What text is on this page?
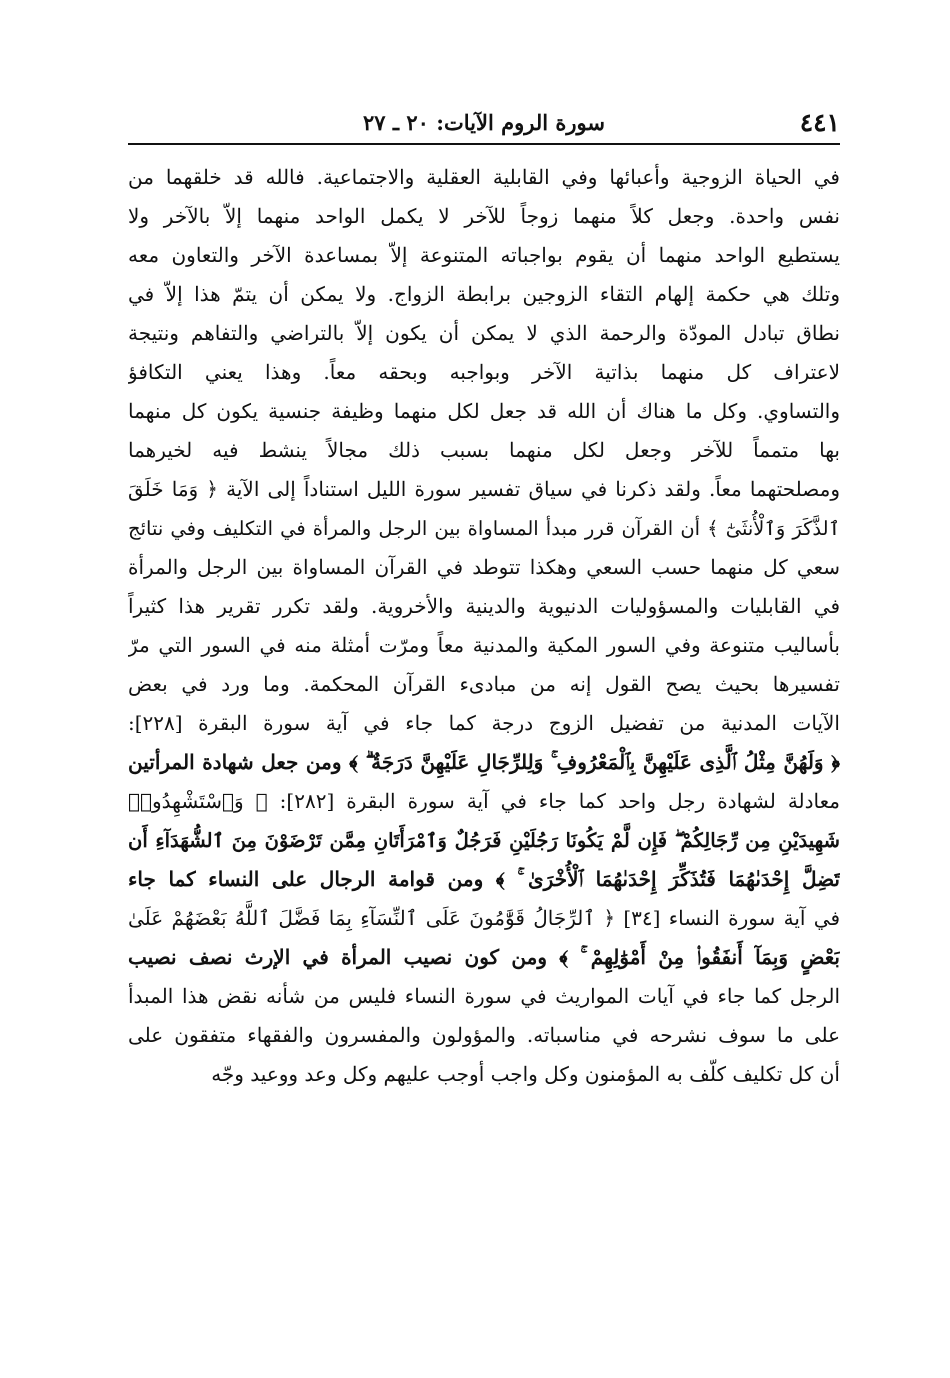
٤٤١
سورة الروم الآيات: ٢٠ ـ ٢٧
في الحياة الزوجية وأعبائها وفي القابلية العقلية والاجتماعية. فالله قد خلقهما من
نفس واحدة. وجعل كلاً منهما زوجاً للآخر لا يكمل الواحد منهما إلاّ بالآخر ولا
يستطيع الواحد منهما أن يقوم بواجباته المتنوعة إلاّ بمساعدة الآخر والتعاون معه
وتلك هي حكمة إلهام التقاء الزوجين برابطة الزواج. ولا يمكن أن يتمّ هذا إلاّ في
نطاق تبادل المودّة والرحمة الذي لا يمكن أن يكون إلاّ بالتراضي والتفاهم ونتيجة
لاعتراف كل منهما بذاتية الآخر وبواجبه وبحقه معاً. وهذا يعني التكافؤ
والتساوي. وكل ما هناك أن الله قد جعل لكل منهما وظيفة جنسية يكون كل منهما
بها متمماً للآخر وجعل لكل منهما بسبب ذلك مجالاً ينشط فيه لخيرهما
ومصلحتهما معاً. ولقد ذكرنا في سياق تفسير سورة الليل استناداً إلى الآية ﴿ وَمَا خَلَقَ
ٱلذَّكَرَ وَٱلْأُنثَىٰٓ ﴾ أن القرآن قرر مبدأ المساواة بين الرجل والمرأة في التكليف وفي نتائج
سعي كل منهما حسب السعي وهكذا تتوطد في القرآن المساواة بين الرجل والمرأة
في القابليات والمسؤوليات الدنيوية والدينية والأخروية. ولقد تكرر تقرير هذا كثيراً
بأساليب متنوعة وفي السور المكية والمدنية معاً ومرّت أمثلة منه في السور التي مرّ
تفسيرها بحيث يصح القول إنه من مبادىء القرآن المحكمة. وما ورد في بعض
الآيات المدنية من تفضيل الزوج درجة كما جاء في آية سورة البقرة [٢٢٨]:
﴿ وَلَهُنَّ مِثْلُ ٱلَّذِى عَلَيْهِنَّ بِٱلْمَعْرُوفِ ۚ وَلِلرِّجَالِ عَلَيْهِنَّ دَرَجَةٌ ۗ ﴾ ومن جعل شهادة المرأتين
معادلة لشهادة رجل واحد كما جاء في آية سورة البقرة [٢٨٢]: ﴿ وَٱسْتَشْهِدُوا۟
شَهِيدَيْنِ مِن رِّجَالِكُمْ ۖ فَإِن لَّمْ يَكُونَا رَجُلَيْنِ فَرَجُلٌ وَٱمْرَأَتَانِ مِمَّن تَرْضَوْنَ مِنَ ٱلشُّهَدَآءِ أَن
تَضِلَّ إِحْدَىٰهُمَا فَتُذَكِّرَ إِحْدَىٰهُمَا ٱلْأُخْرَىٰ ۚ ﴾ ومن قوامة الرجال على النساء كما جاء
في آية سورة النساء [٣٤] ﴿ ٱلرِّجَالُ قَوَّٰمُونَ عَلَى ٱلنِّسَآءِ بِمَا فَضَّلَ ٱللَّهُ بَعْضَهُمْ عَلَىٰ
بَعْضٍ وَبِمَآ أَنفَقُوا۟ مِنْ أَمْوَٰلِهِمْ ۚ ﴾ ومن كون نصيب المرأة في الإرث نصف نصيب
الرجل كما جاء في آيات المواريث في سورة النساء فليس من شأنه نقض هذا المبدأ
على ما سوف نشرحه في مناسباته. والمؤولون والمفسرون والفقهاء متفقون على
أن كل تكليف كلّف به المؤمنون وكل واجب أوجب عليهم وكل وعد ووعيد وجّه
